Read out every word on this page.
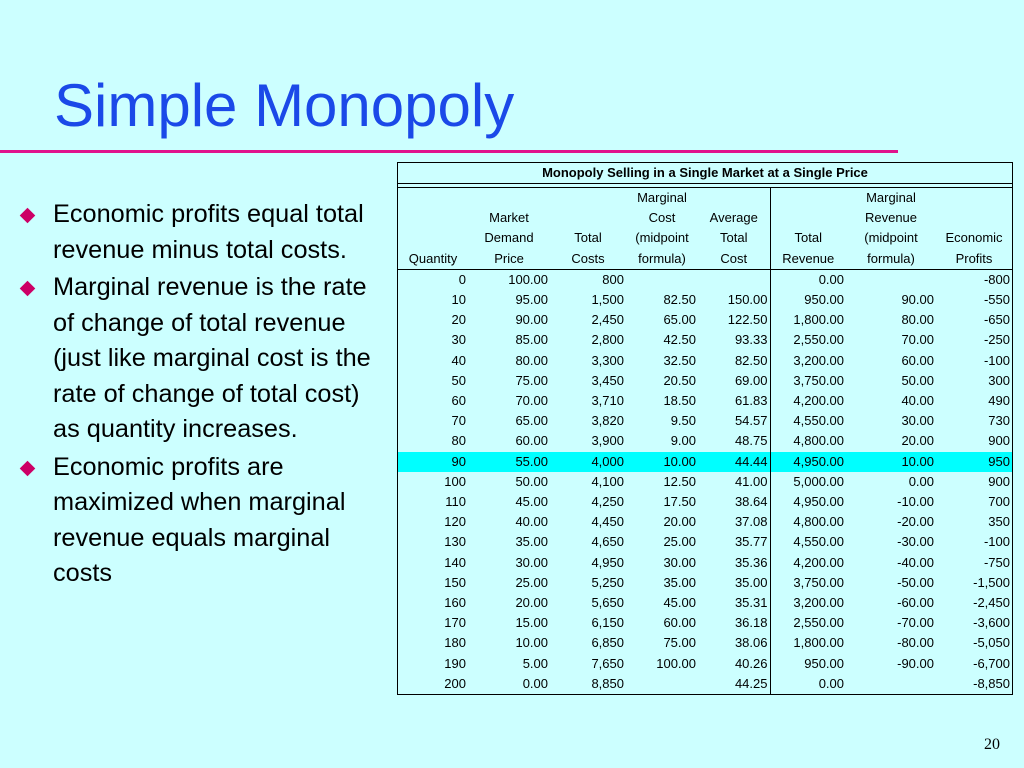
Simple Monopoly
Economic profits equal total revenue minus total costs.
Marginal revenue is the rate of change of total revenue (just like marginal cost is the rate of change of total cost) as quantity increases.
Economic profits are maximized when marginal revenue equals marginal costs
Monopoly Selling in a Single Market at a Single Price
			Marginal			Marginal	
	Market		Cost	Average		Revenue	
	Demand	Total	(midpoint	Total	Total	(midpoint	Economic
Quantity	Price	Costs	formula)	Cost	Revenue	formula)	Profits
0	100.00	800			0.00		-800
10	95.00	1,500	82.50	150.00	950.00	90.00	-550
20	90.00	2,450	65.00	122.50	1,800.00	80.00	-650
30	85.00	2,800	42.50	93.33	2,550.00	70.00	-250
40	80.00	3,300	32.50	82.50	3,200.00	60.00	-100
50	75.00	3,450	20.50	69.00	3,750.00	50.00	300
60	70.00	3,710	18.50	61.83	4,200.00	40.00	490
70	65.00	3,820	9.50	54.57	4,550.00	30.00	730
80	60.00	3,900	9.00	48.75	4,800.00	20.00	900
90	55.00	4,000	10.00	44.44	4,950.00	10.00	950
100	50.00	4,100	12.50	41.00	5,000.00	0.00	900
110	45.00	4,250	17.50	38.64	4,950.00	-10.00	700
120	40.00	4,450	20.00	37.08	4,800.00	-20.00	350
130	35.00	4,650	25.00	35.77	4,550.00	-30.00	-100
140	30.00	4,950	30.00	35.36	4,200.00	-40.00	-750
150	25.00	5,250	35.00	35.00	3,750.00	-50.00	-1,500
160	20.00	5,650	45.00	35.31	3,200.00	-60.00	-2,450
170	15.00	6,150	60.00	36.18	2,550.00	-70.00	-3,600
180	10.00	6,850	75.00	38.06	1,800.00	-80.00	-5,050
190	5.00	7,650	100.00	40.26	950.00	-90.00	-6,700
200	0.00	8,850		44.25	0.00		-8,850
20
